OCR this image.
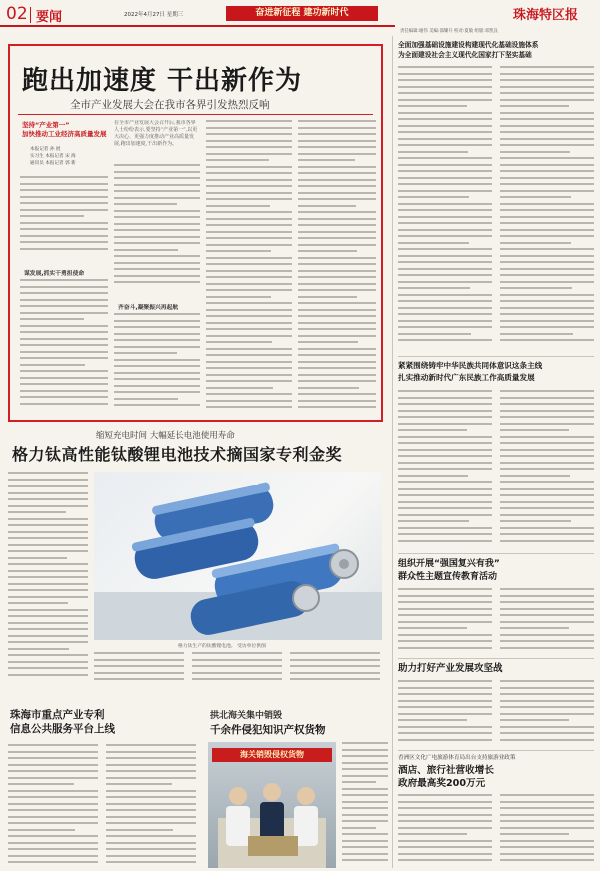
02 要闻	2022年4月27日 星期三	奋进新征程 建功新时代	珠海特区报
责任编辑:谢伟 美编:邵耀升 校对:夏敏 组版:邓凯良
跑出加速度 干出新作为
全市产业发展大会在我市各界引发热烈反响
坚持“产业第一”
加快推动工业经济高质量发展
本报记者 孙 展
实习生 本报记者 宋 海
通讯员 本报记者 郭 新
谋发展,抓实干勇担使命
在全市产业发展大会召开后,我市各界人士纷纷表示,要坚持“产业第一”,以更大决心、更强力度推动产业高质量发展,跑出加速度,干出新作为。
齐奋斗,凝聚振兴再起航
缩短充电时间 大幅延长电池使用寿命
格力钛高性能钛酸锂电池技术摘国家专利金奖
格力钛生产的钛酸锂电池。 受访单位供图
珠海市重点产业专利
信息公共服务平台上线
拱北海关集中销毁
千余件侵犯知识产权货物
海关销毁侵权货物
全面加强基础设施建设构建现代化基础设施体系
为全面建设社会主义现代化国家打下坚实基础
紧紧围绕铸牢中华民族共同体意识这条主线
扎实推动新时代广东民族工作高质量发展
组织开展“强国复兴有我”
群众性主题宣传教育活动
助力打好产业发展攻坚战
香洲区文化广电旅游体育局出台支持旅游业政策
酒店、旅行社营收增长
政府最高奖200万元
